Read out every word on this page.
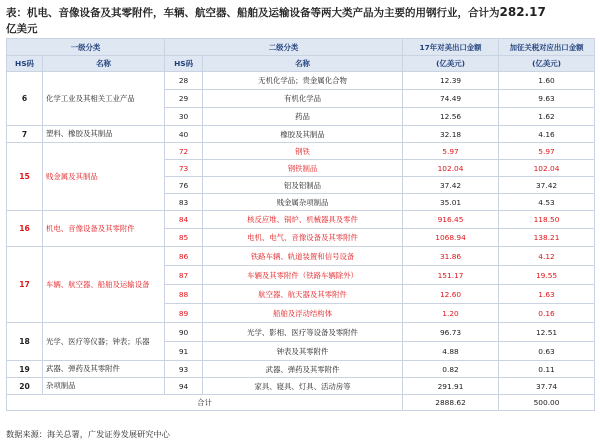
表：机电、音像设备及其零附件，车辆、航空器、船舶及运输设备等两大类产品为主要的用钢行业，合计为282.17
亿美元
一级分类		二级分类		17年对美出口金额	加征关税对应出口金额
HS码	名称	HS码	名称	(亿美元)	(亿美元)
6	化学工业及其相关工业产品	28	无机化学品；贵金属化合物	12.39	1.60
		29	有机化学品	74.49	9.63
		30	药品	12.56	1.62
7	塑料、橡胶及其制品	40	橡胶及其制品	32.18	4.16
15	贱金属及其制品	72	钢铁	5.97	5.97
		73	钢铁制品	102.04	102.04
		76	铝及铝制品	37.42	37.42
		83	贱金属杂项制品	35.01	4.53
16	机电、音像设备及其零附件	84	核反应堆、锅炉、机械器具及零件	916.45	118.50
		85	电机、电气、音像设备及其零附件	1068.94	138.21
17	车辆、航空器、船舶及运输设备	86	铁路车辆、轨道装置和信号设备	31.86	4.12
		87	车辆及其零附件（铁路车辆除外）	151.17	19.55
		88	航空器、航天器及其零附件	12.60	1.63
		89	船舶及浮动结构体	1.20	0.16
18	光学、医疗等仪器；钟表；乐器	90	光学、影相、医疗等设备及零附件	96.73	12.51
		91	钟表及其零附件	4.88	0.63
19	武器、弹药及其零附件	93	武器、弹药及其零附件	0.82	0.11
20	杂项制品	94	家具、寝具、灯具、活动房等	291.91	37.74
合计				2888.62	500.00
数据来源：海关总署，广发证券发展研究中心
